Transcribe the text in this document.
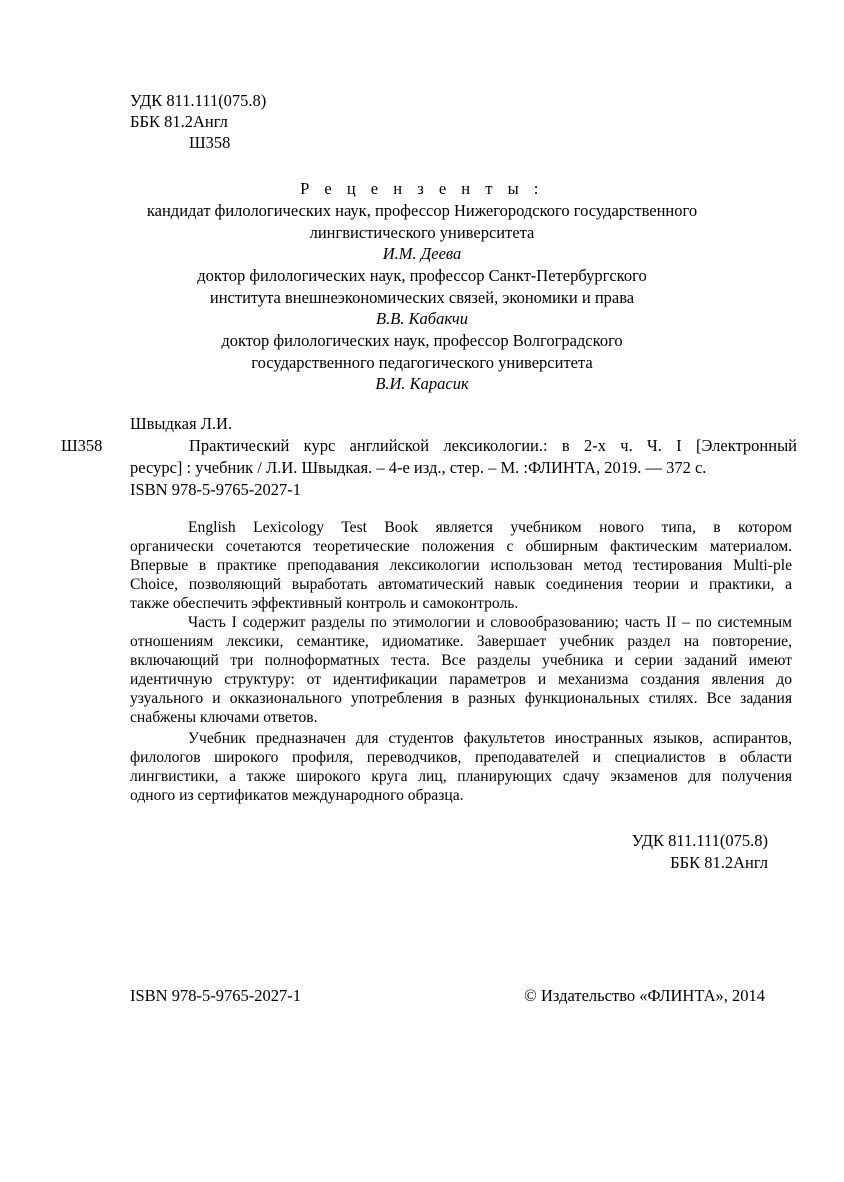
УДК 811.111(075.8)
ББК 81.2Англ
Ш358
Р е ц е н з е н т ы :
кандидат филологических наук, профессор Нижегородского государственного
лингвистического университета
И.М. Деева
доктор филологических наук, профессор Санкт-Петербургского
института внешнеэкономических связей, экономики и права
В.В. Кабакчи
доктор филологических наук, профессор Волгоградского
государственного педагогического университета
В.И. Карасик
Швыдкая Л.И.
Ш358	Практический курс английской лексикологии.: в 2-х ч. Ч. I [Электронный
ресурс] : учебник / Л.И. Швыдкая. – 4-е изд., стер. – М. :ФЛИНТА, 2019. — 372 с.
ISBN 978-5-9765-2027-1
English Lexicology Test Book является учебником нового типа, в котором
органически сочетаются теоретические положения с обширным фактическим материалом.
Впервые в практике преподавания лексикологии использован метод тестирования Multi-ple
Choice, позволяющий выработать автоматический навык соединения теории и практики, а
также обеспечить эффективный контроль и самоконтроль.
Часть I содержит разделы по этимологии и словообразованию; часть II – по системным
отношениям лексики, семантике, идиоматике. Завершает учебник раздел на повторение,
включающий три полноформатных теста. Все разделы учебника и серии заданий имеют
идентичную структуру: от идентификации параметров и механизма создания явления до
узуального и окказионального употребления в разных функциональных стилях. Все задания
снабжены ключами ответов.
Учебник предназначен для студентов факультетов иностранных языков, аспирантов,
филологов широкого профиля, переводчиков, преподавателей и специалистов в области
лингвистики, а также широкого круга лиц, планирующих сдачу экзаменов для получения
одного из сертификатов международного образца.
УДК 811.111(075.8)
ББК 81.2Англ
ISBN 978-5-9765-2027-1	© Издательство «ФЛИНТА», 2014
